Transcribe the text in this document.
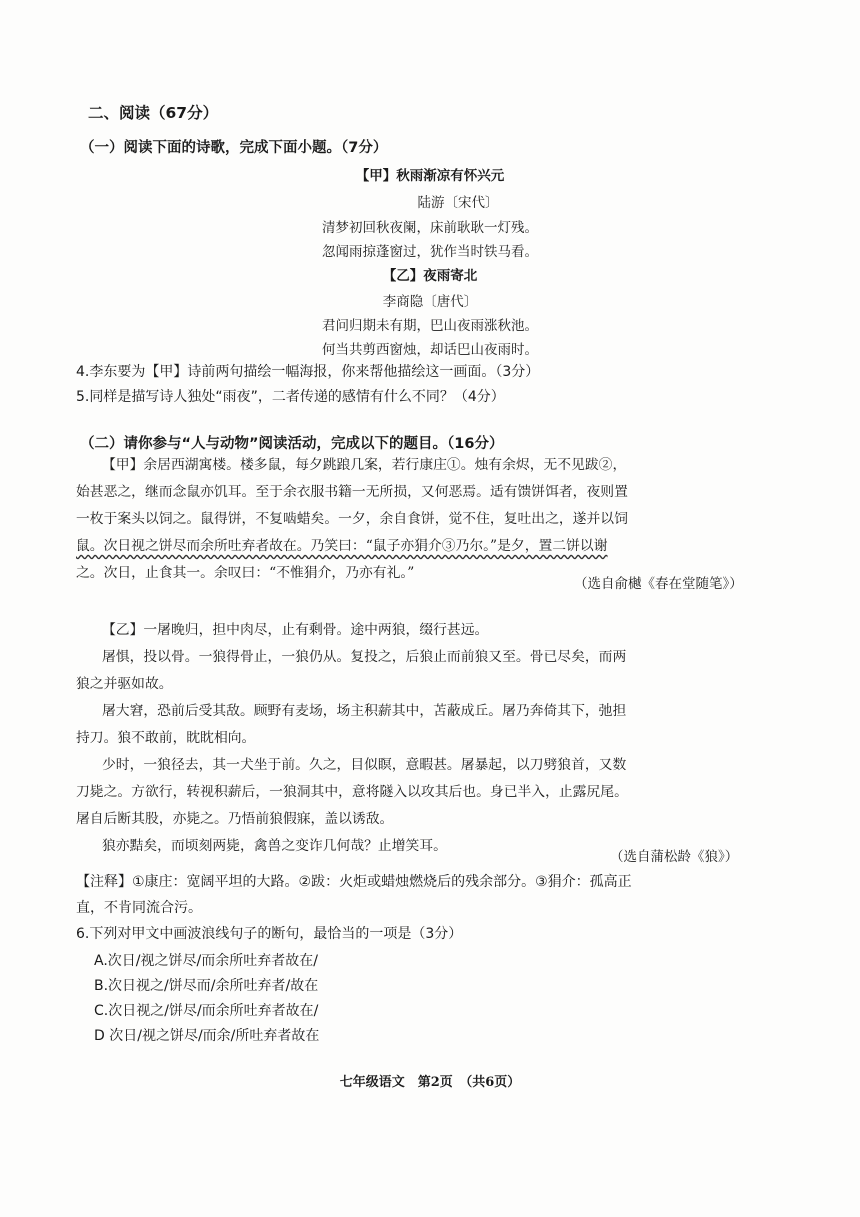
二、阅读（67分）
（一）阅读下面的诗歌，完成下面小题。（7分）
【甲】秋雨渐凉有怀兴元
陆游〔宋代〕
清梦初回秋夜阑，床前耿耿一灯残。
忽闻雨掠蓬窗过，犹作当时铁马看。
【乙】夜雨寄北
李商隐〔唐代〕
君问归期未有期，巴山夜雨涨秋池。
何当共剪西窗烛，却话巴山夜雨时。
4.李东要为【甲】诗前两句描绘一幅海报，你来帮他描绘这一画面。（3分）
5.同样是描写诗人独处“雨夜”，二者传递的感情有什么不同？（4分）
（二）请你参与“人与动物”阅读活动，完成以下的题目。（16分）
【甲】余居西湖寓楼。楼多鼠，每夕跳踉几案，若行康庄①。烛有余烬，无不见跋②，
始甚恶之，继而念鼠亦饥耳。至于余衣服书籍一无所损，又何恶焉。适有馈饼饵者，夜则置
一枚于案头以饲之。鼠得饼，不复啮蜡矣。一夕，余自食饼，觉不住，复吐出之，遂并以饲
鼠。次日视之饼尽而余所吐弃者故在。乃笑曰：“鼠子亦狷介③乃尔。”是夕，置二饼以谢
之。次日，止食其一。余叹曰：“不惟狷介，乃亦有礼。”
（选自俞樾《春在堂随笔》）
【乙】一屠晚归，担中肉尽，止有剩骨。途中两狼，缀行甚远。
屠惧，投以骨。一狼得骨止，一狼仍从。复投之，后狼止而前狼又至。骨已尽矣，而两
狼之并驱如故。
屠大窘，恐前后受其敌。顾野有麦场，场主积薪其中，苫蔽成丘。屠乃奔倚其下，弛担
持刀。狼不敢前，眈眈相向。
少时，一狼径去，其一犬坐于前。久之，目似瞑，意暇甚。屠暴起，以刀劈狼首，又数
刀毙之。方欲行，转视积薪后，一狼洞其中，意将隧入以攻其后也。身已半入，止露尻尾。
屠自后断其股，亦毙之。乃悟前狼假寐，盖以诱敌。
狼亦黠矣，而顷刻两毙，禽兽之变诈几何哉？止增笑耳。
（选自蒲松龄《狼》）
【注释】①康庄：宽阔平坦的大路。②跋：火炬或蜡烛燃烧后的残余部分。③狷介：孤高正
直，不肯同流合污。
6.下列对甲文中画波浪线句子的断句，最恰当的一项是（3分）
A.次日/视之饼尽/而余所吐弃者故在/
B.次日视之/饼尽而/余所吐弃者/故在
C.次日视之/饼尽/而余所吐弃者故在/
D 次日/视之饼尽/而余/所吐弃者故在
七年级语文　第2页　（共6页）
